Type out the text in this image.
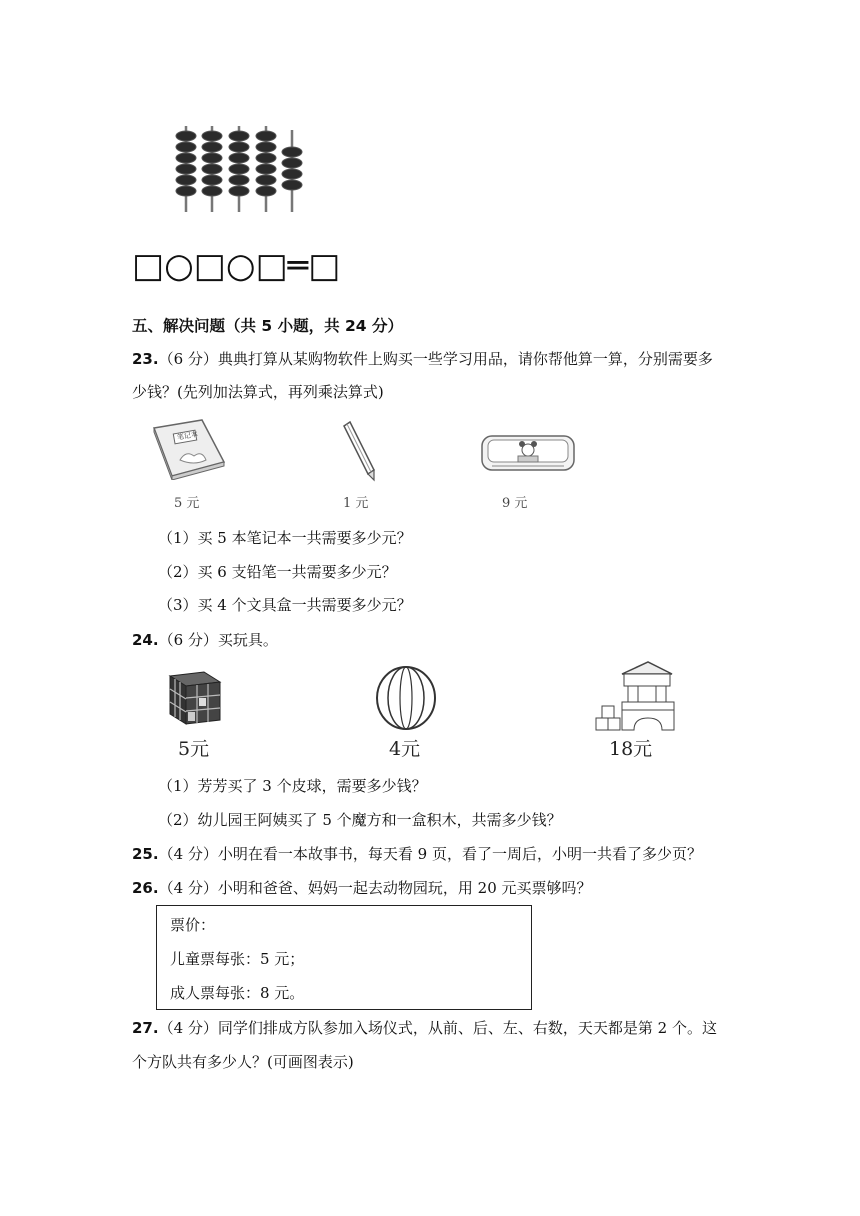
□○□○□═□
五、解决问题（共 5 小题，共 24 分）
23.（6 分）典典打算从某购物软件上购买一些学习用品，请你帮他算一算，分别需要多
少钱？(先列加法算式，再列乘法算式)
笔记本
5 元	1 元	9 元
（1）买 5 本笔记本一共需要多少元？
（2）买 6 支铅笔一共需要多少元？
（3）买 4 个文具盒一共需要多少元？
24.（6 分）买玩具。
5元	4元	18元
（1）芳芳买了 3 个皮球，需要多少钱？
（2）幼儿园王阿姨买了 5 个魔方和一盒积木，共需多少钱？
25.（4 分）小明在看一本故事书，每天看 9 页，看了一周后，小明一共看了多少页？
26.（4 分）小明和爸爸、妈妈一起去动物园玩，用 20 元买票够吗？
票价：
儿童票每张：5 元；
成人票每张：8 元。
27.（4 分）同学们排成方队参加入场仪式，从前、后、左、右数，天天都是第 2 个。这
个方队共有多少人？(可画图表示)
